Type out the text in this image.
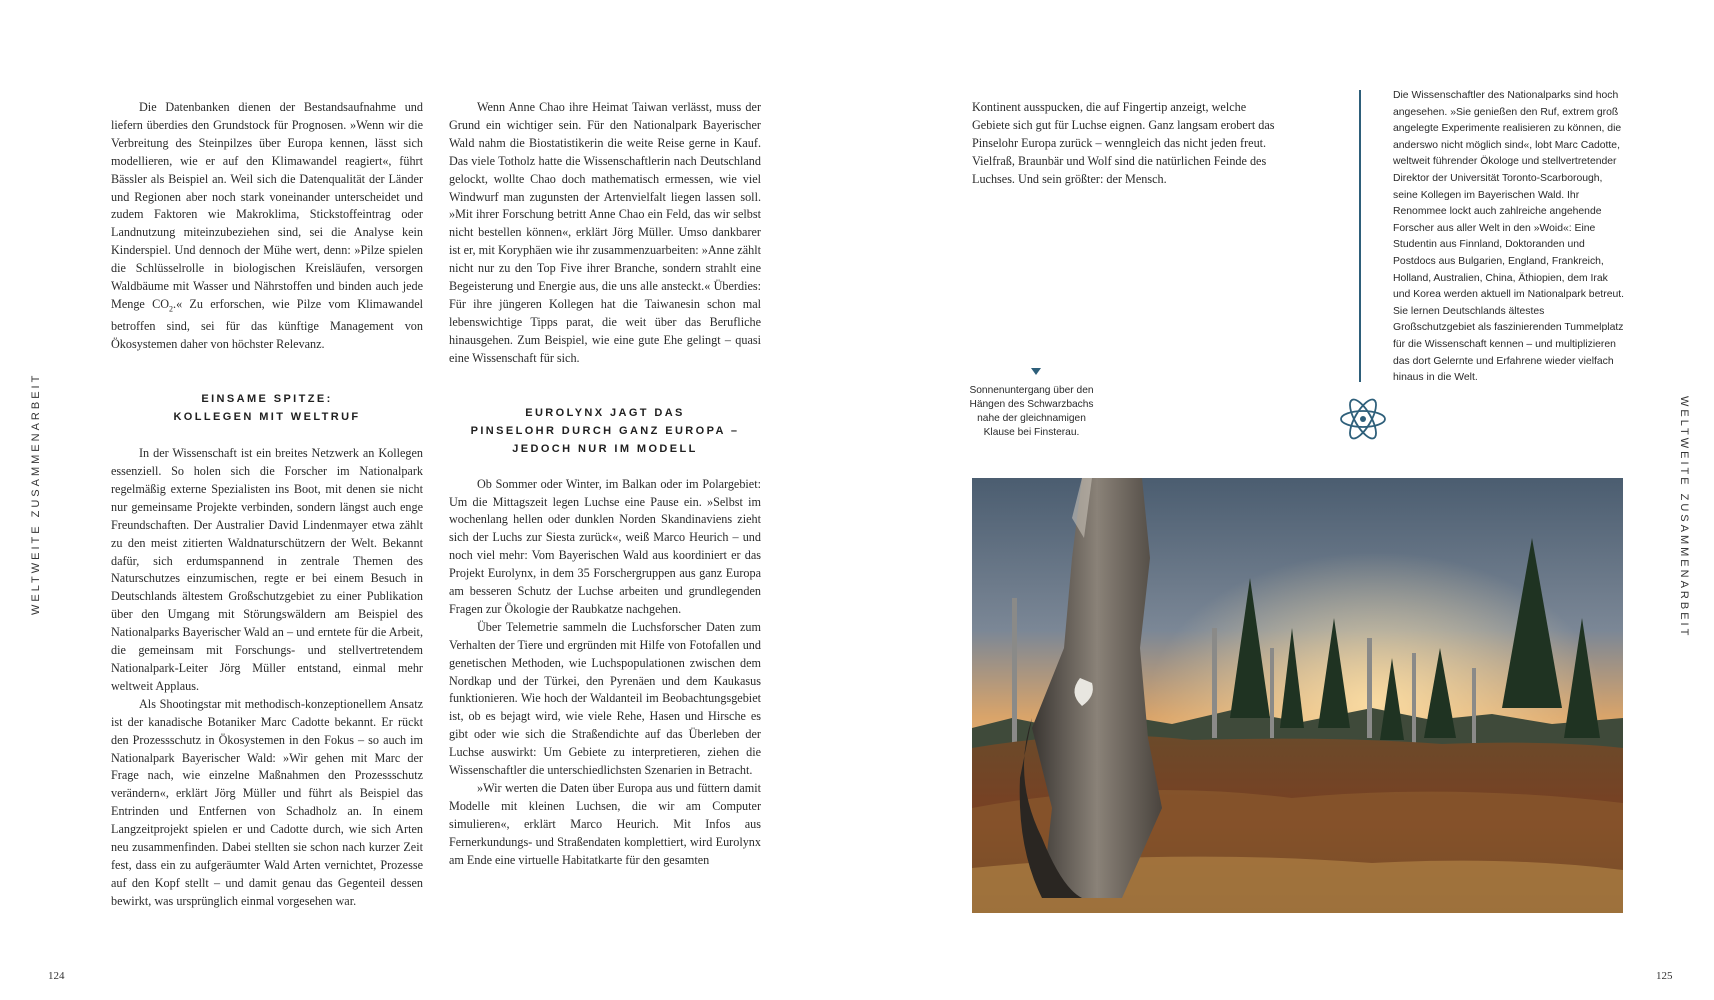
WELTWEITE ZUSAMMENARBEIT

Die Datenbanken dienen der Bestandsaufnahme und liefern überdies den Grundstock für Prognosen. »Wenn wir die Verbreitung des Steinpilzes über Europa kennen, lässt sich modellieren, wie er auf den Klimawandel reagiert«, führt Bässler als Beispiel an. Weil sich die Datenqualität der Länder und Regionen aber noch stark voneinander unterscheidet und zudem Faktoren wie Makroklima, Stickstoffeintrag oder Landnutzung miteinzubeziehen sind, sei die Analyse kein Kinderspiel. Und dennoch der Mühe wert, denn: »Pilze spielen die Schlüsselrolle in biologischen Kreisläufen, versorgen Waldbäume mit Wasser und Nährstoffen und binden auch jede Menge $CO_2.«$ Zu erforschen, wie Pilze vom Klimawandel betroffen sind, sei für das künftige Management von Ökosystemen daher von höchster Relevanz.

EINSAME SPITZE:
KOLLEGEN MIT WELTRUF

In der Wissenschaft ist ein breites Netzwerk an Kollegen essenziell. So holen sich die Forscher im Nationalpark regelmäßig externe Spezialisten ins Boot, mit denen sie nicht nur gemeinsame Projekte verbinden, sondern längst auch enge Freundschaften. Der Australier David Lindenmayer etwa zählt zu den meist zitierten Waldnaturschützern der Welt. Bekannt dafür, sich erdumspannend in zentrale Themen des Naturschutzes einzumischen, regte er bei einem Besuch in Deutschlands ältestem Großschutzgebiet zu einer Publikation über den Umgang mit Störungswäldern am Beispiel des Nationalparks Bayerischer Wald an – und erntete für die Arbeit, die gemeinsam mit Forschungs- und stellvertretendem Nationalpark-Leiter Jörg Müller entstand, einmal mehr weltweit Applaus.

Als Shootingstar mit methodisch-konzeptionellem Ansatz ist der kanadische Botaniker Marc Cadotte bekannt. Er rückt den Prozessschutz in Ökosystemen in den Fokus – so auch im Nationalpark Bayerischer Wald: »Wir gehen mit Marc der Frage nach, wie einzelne Maßnahmen den Prozessschutz verändern«, erklärt Jörg Müller und führt als Beispiel das Entrinden und Entfernen von Schadholz an. In einem Langzeitprojekt spielen er und Cadotte durch, wie sich Arten neu zusammenfinden. Dabei stellten sie schon nach kurzer Zeit fest, dass ein zu aufgeräumter Wald Arten vernichtet, Prozesse auf den Kopf stellt – und damit genau das Gegenteil dessen bewirkt, was ursprünglich einmal vorgesehen war.

Wenn Anne Chao ihre Heimat Taiwan verlässt, muss der Grund ein wichtiger sein. Für den Nationalpark Bayerischer Wald nahm die Biostatistikerin die weite Reise gerne in Kauf. Das viele Totholz hatte die Wissenschaftlerin nach Deutschland gelockt, wollte Chao doch mathematisch ermessen, wie viel Windwurf man zugunsten der Artenvielfalt liegen lassen soll. »Mit ihrer Forschung betritt Anne Chao ein Feld, das wir selbst nicht bestellen können«, erklärt Jörg Müller. Umso dankbarer ist er, mit Koryphäen wie ihr zusammenzuarbeiten: »Anne zählt nicht nur zu den Top Five ihrer Branche, sondern strahlt eine Begeisterung und Energie aus, die uns alle ansteckt.« Überdies: Für ihre jüngeren Kollegen hat die Taiwanesin schon mal lebenswichtige Tipps parat, die weit über das Berufliche hinausgehen. Zum Beispiel, wie eine gute Ehe gelingt – quasi eine Wissenschaft für sich.

EUROLYNX JAGT DAS
PINSELOHR DURCH GANZ EUROPA –
JEDOCH NUR IM MODELL

Ob Sommer oder Winter, im Balkan oder im Polargebiet: Um die Mittagszeit legen Luchse eine Pause ein. »Selbst im wochenlang hellen oder dunklen Norden Skandinaviens zieht sich der Luchs zur Siesta zurück«, weiß Marco Heurich – und noch viel mehr: Vom Bayerischen Wald aus koordiniert er das Projekt Eurolynx, in dem 35 Forschergruppen aus ganz Europa am besseren Schutz der Luchse arbeiten und grundlegenden Fragen zur Ökologie der Raubkatze nachgehen.

Über Telemetrie sammeln die Luchsforscher Daten zum Verhalten der Tiere und ergründen mit Hilfe von Fotofallen und genetischen Methoden, wie Luchspopulationen zwischen dem Nordkap und der Türkei, den Pyrenäen und dem Kaukasus funktionieren. Wie hoch der Waldanteil im Beobachtungsgebiet ist, ob es bejagt wird, wie viele Rehe, Hasen und Hirsche es gibt oder wie sich die Straßendichte auf das Überleben der Luchse auswirkt: Um Gebiete zu interpretieren, ziehen die Wissenschaftler die unterschiedlichsten Szenarien in Betracht.

»Wir werten die Daten über Europa aus und füttern damit Modelle mit kleinen Luchsen, die wir am Computer simulieren«, erklärt Marco Heurich. Mit Infos aus Fernerkundungs- und Straßendaten komplettiert, wird Eurolynx am Ende eine virtuelle Habitatkarte für den gesamten

124

Kontinent ausspucken, die auf Fingertip anzeigt, welche Gebiete sich gut für Luchse eignen. Ganz langsam erobert das Pinselohr Europa zurück – wenngleich das nicht jeden freut. Vielfraß, Braunbär und Wolf sind die natürlichen Feinde des Luchses. Und sein größter: der Mensch.

Die Wissenschaftler des Nationalparks sind hoch angesehen. »Sie genießen den Ruf, extrem groß angelegte Experimente realisieren zu können, die anderswo nicht möglich sind«, lobt Marc Cadotte, weltweit führender Ökologe und stellvertretender Direktor der Universität Toronto-Scarborough, seine Kollegen im Bayerischen Wald. Ihr Renommee lockt auch zahlreiche angehende Forscher aus aller Welt in den »Woid«: Eine Studentin aus Finnland, Doktoranden und Postdocs aus Bulgarien, England, Frankreich, Holland, Australien, China, Äthiopien, dem Irak und Korea werden aktuell im Nationalpark betreut. Sie lernen Deutschlands ältestes Großschutzgebiet als faszinierenden Tummelplatz für die Wissenschaft kennen – und multiplizieren das dort Gelernte und Erfahrene wieder vielfach hinaus in die Welt.
Sonnenuntergang über den Hängen des Schwarzbachs nahe der gleichnamigen Klause bei Finsterau.	WELTWEITE ZUSAMMENARBEIT
125
